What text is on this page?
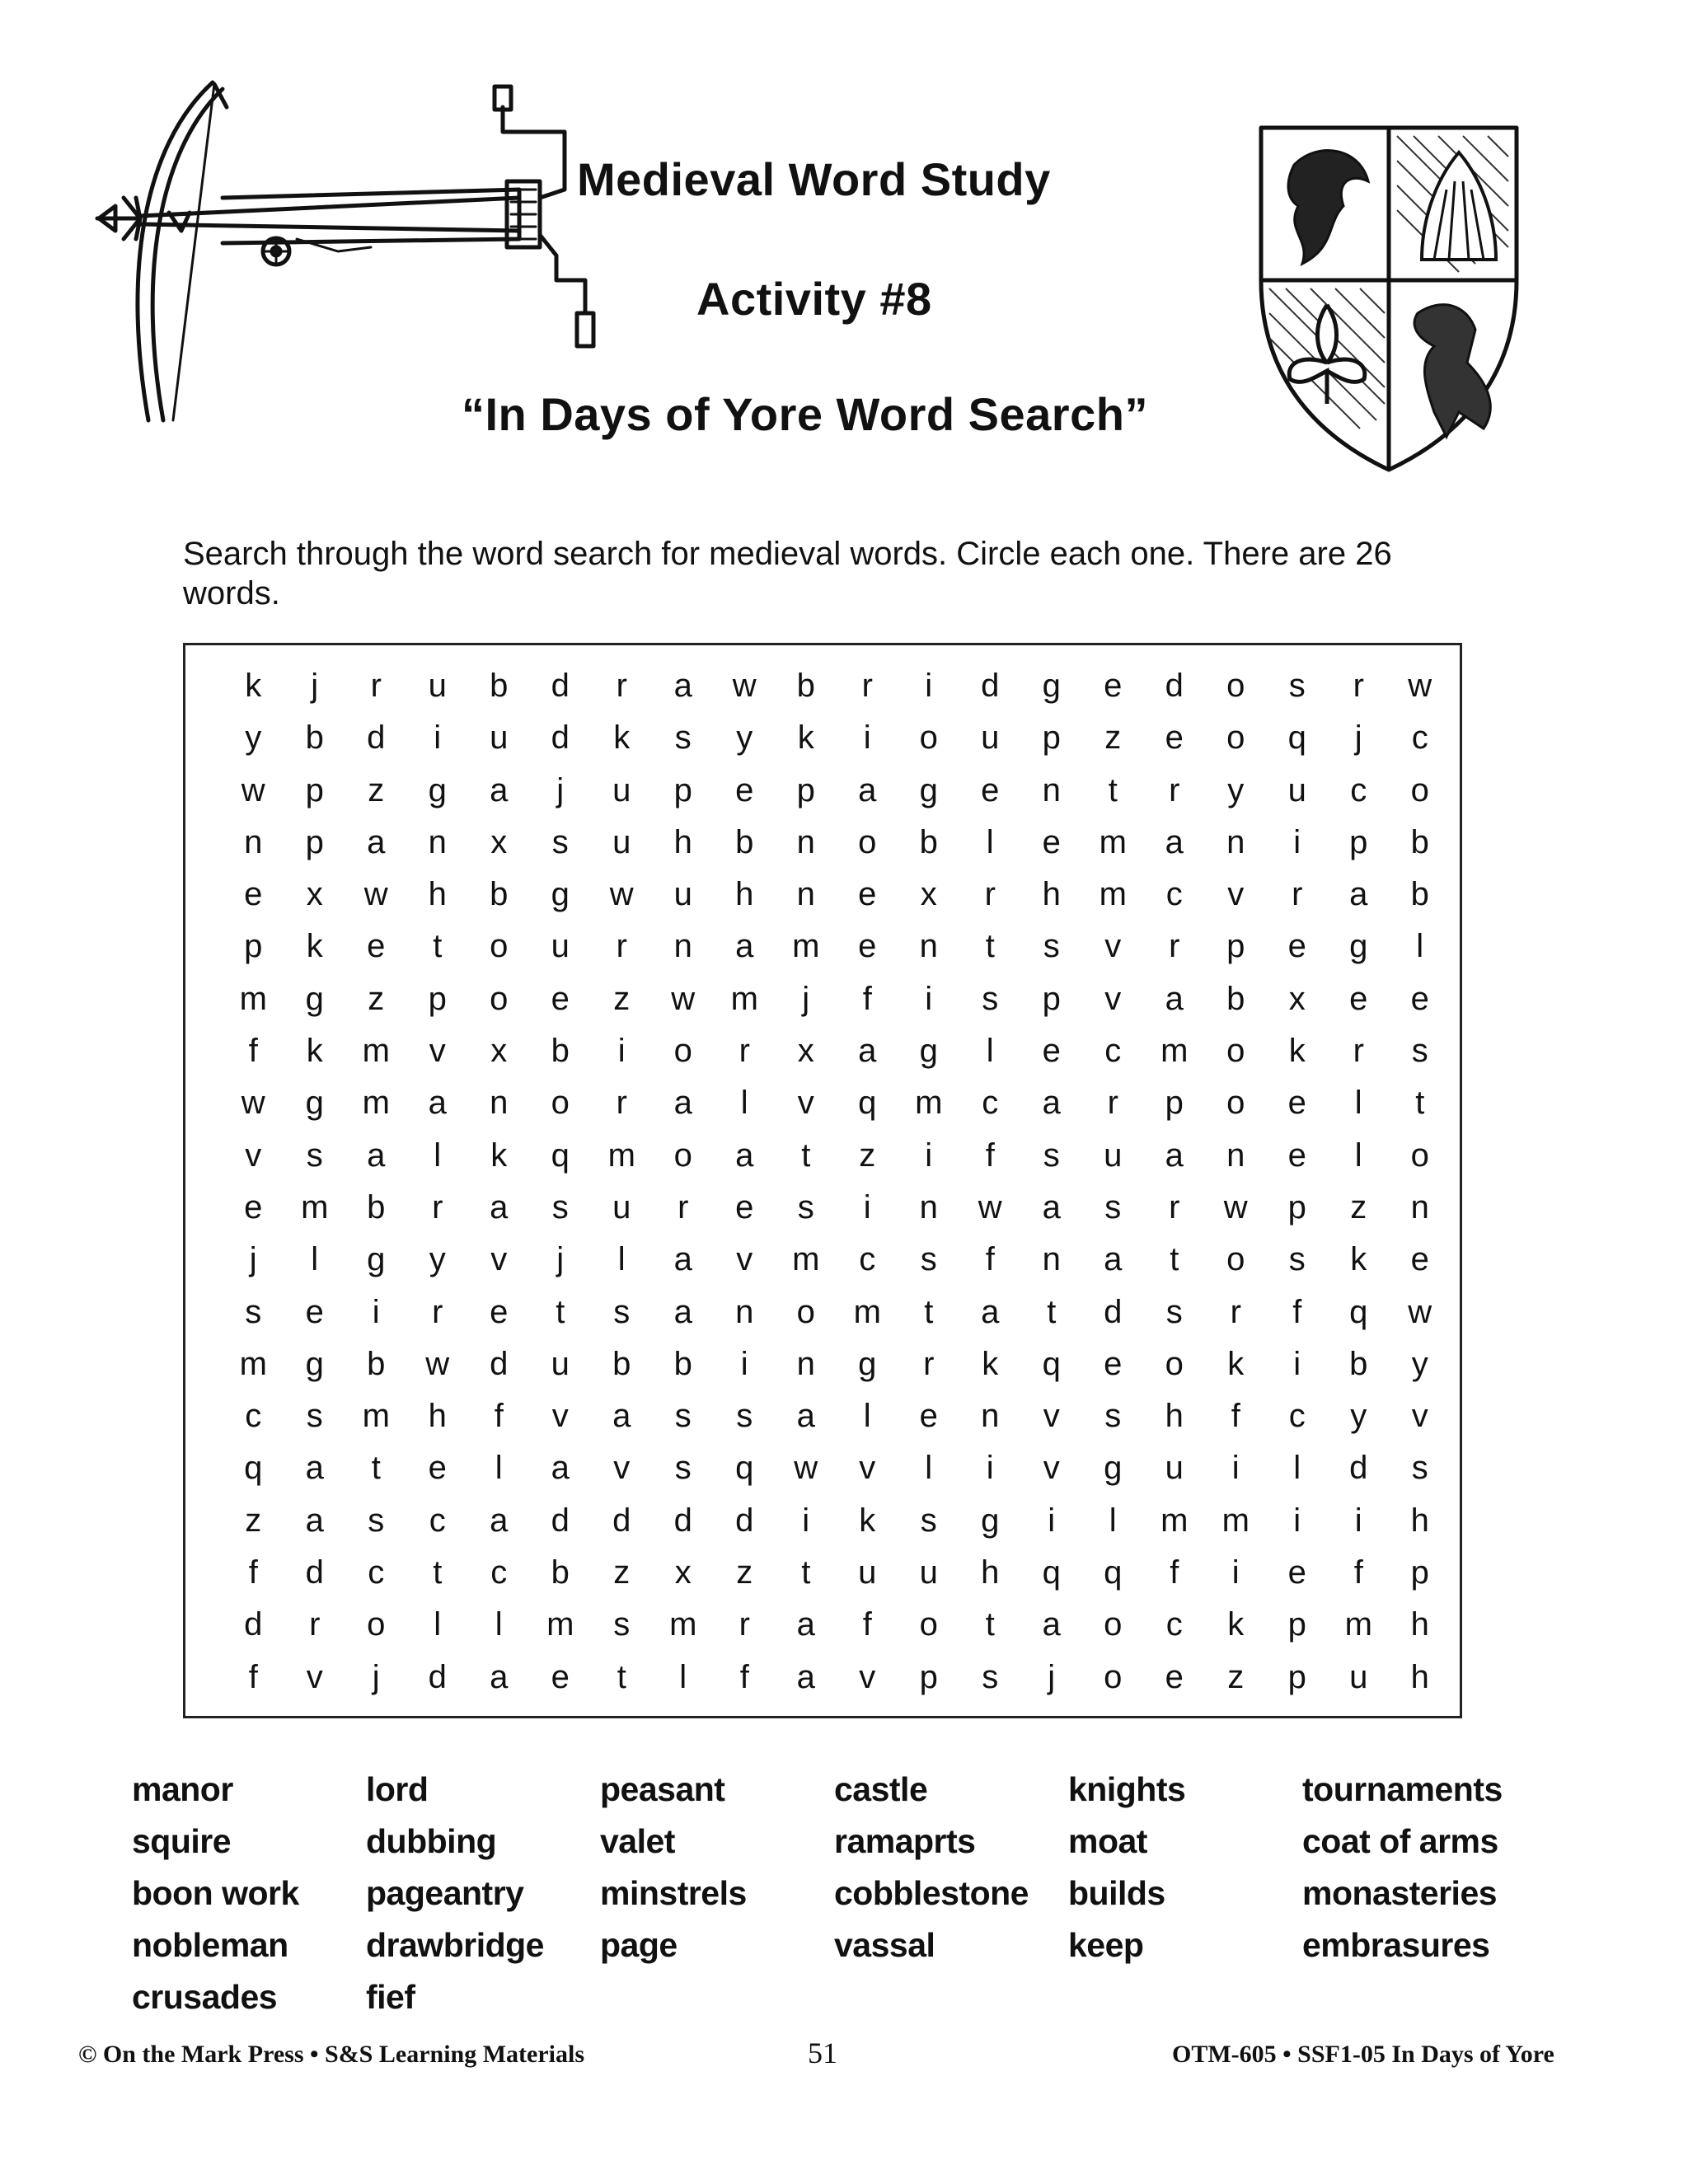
Medieval Word Study
Activity #8
“In Days of Yore Word Search”
Search through the word search for medieval words. Circle each one. There are 26 words.
k	j	r	u	b	d	r	a	w	b	r	i	d	g	e	d	o	s	r	w
y	b	d	i	u	d	k	s	y	k	i	o	u	p	z	e	o	q	j	c
w	p	z	g	a	j	u	p	e	p	a	g	e	n	t	r	y	u	c	o
n	p	a	n	x	s	u	h	b	n	o	b	l	e	m	a	n	i	p	b
e	x	w	h	b	g	w	u	h	n	e	x	r	h	m	c	v	r	a	b
p	k	e	t	o	u	r	n	a	m	e	n	t	s	v	r	p	e	g	l
m	g	z	p	o	e	z	w	m	j	f	i	s	p	v	a	b	x	e	e
f	k	m	v	x	b	i	o	r	x	a	g	l	e	c	m	o	k	r	s
w	g	m	a	n	o	r	a	l	v	q	m	c	a	r	p	o	e	l	t
v	s	a	l	k	q	m	o	a	t	z	i	f	s	u	a	n	e	l	o
e	m	b	r	a	s	u	r	e	s	i	n	w	a	s	r	w	p	z	n
j	l	g	y	v	j	l	a	v	m	c	s	f	n	a	t	o	s	k	e
s	e	i	r	e	t	s	a	n	o	m	t	a	t	d	s	r	f	q	w
m	g	b	w	d	u	b	b	i	n	g	r	k	q	e	o	k	i	b	y
c	s	m	h	f	v	a	s	s	a	l	e	n	v	s	h	f	c	y	v
q	a	t	e	l	a	v	s	q	w	v	l	i	v	g	u	i	l	d	s
z	a	s	c	a	d	d	d	d	i	k	s	g	i	l	m	m	i	i	h
f	d	c	t	c	b	z	x	z	t	u	u	h	q	q	f	i	e	f	p
d	r	o	l	l	m	s	m	r	a	f	o	t	a	o	c	k	p	m	h
f	v	j	d	a	e	t	l	f	a	v	p	s	j	o	e	z	p	u	h
manor	lord	peasant	castle	knights	tournaments
squire	dubbing	valet	ramaprts	moat	coat of arms
boon work	pageantry	minstrels	cobblestone	builds	monasteries
nobleman	drawbridge	page	vassal	keep	embrasures
crusades	fief
© On the Mark Press • S&S Learning Materials	51	OTM-605 • SSF1-05 In Days of Yore
